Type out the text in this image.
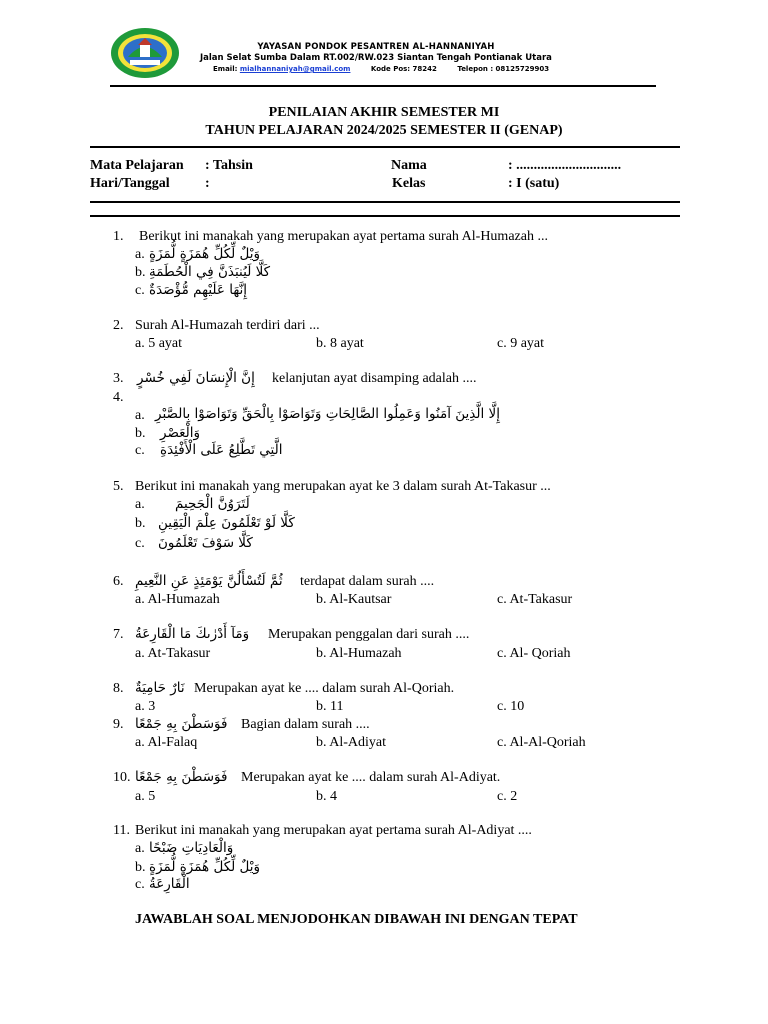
YAYASAN PONDOK PESANTREN AL-HANNANIYAH
Jalan Selat Sumba Dalam RT.002/RW.023 Siantan Tengah Pontianak Utara
Email: mialhannaniyah@gmail.com	Kode Pos: 78242	Telepon : 08125729903
PENILAIAN AKHIR SEMESTER MI
TAHUN PELAJARAN 2024/2025 SEMESTER II (GENAP)
Mata Pelajaran : Tahsin	Nama	: ..............................
Hari/Tanggal	:	Kelas	: I (satu)
1. Berikut ini manakah yang merupakan ayat pertama surah Al-Humazah ...
a. وَيْلٌ لِّكُلِّ هُمَزَةٍ لُّمَزَةٍ
b. كَلَّا لَيُنبَذَنَّ فِي الْحُطَمَةِ
c. إِنَّهَا عَلَيْهِم مُّؤْصَدَةٌ
2. Surah Al-Humazah terdiri dari ...
a. 5 ayat	b. 8 ayat	c. 9 ayat
3. إِنَّ الْإِنسَانَ لَفِي خُسْرٍ kelanjutan ayat disamping adalah ....
4.
a. إِلَّا الَّذِينَ آمَنُوا وَعَمِلُوا الصَّالِحَاتِ وَتَوَاصَوْا بِالْحَقِّ وَتَوَاصَوْا بِالصَّبْرِ
b. وَالْعَصْرِ
c. الَّتِي تَطَّلِعُ عَلَى الْأَفْئِدَةِ
5. Berikut ini manakah yang merupakan ayat ke 3 dalam surah At-Takasur ...
a. لَتَرَوُنَّ الْجَحِيمَ
b. كَلَّا لَوْ تَعْلَمُونَ عِلْمَ الْيَقِينِ
c. كَلَّا سَوْفَ تَعْلَمُونَ
6. ثُمَّ لَتُسْأَلُنَّ يَوْمَئِذٍ عَنِ النَّعِيمِ terdapat dalam surah ....
a. Al-Humazah	b. Al-Kautsar	c. At-Takasur
7. وَمَآ أَدْرٰىكَ مَا الْقَارِعَةُ Merupakan penggalan dari surah ....
a. At-Takasur	b. Al-Humazah	c. Al- Qoriah
8. نَارٌ حَامِيَةٌ Merupakan ayat ke .... dalam surah Al-Qoriah.
a. 3	b. 11	c. 10
9. فَوَسَطْنَ بِهِ جَمْعًا Bagian dalam surah ....
a. Al-Falaq	b. Al-Adiyat	c. Al-Al-Qoriah
10. فَوَسَطْنَ بِهِ جَمْعًا Merupakan ayat ke .... dalam surah Al-Adiyat.
a. 5	b. 4	c. 2
11. Berikut ini manakah yang merupakan ayat pertama surah Al-Adiyat ....
a. وَالْعَادِيَاتِ ضَبْحًا
b. وَيْلٌ لِّكُلِّ هُمَزَةٍ لُّمَزَةٍ
c. الْقَارِعَةُ
JAWABLAH SOAL MENJODOHKAN DIBAWAH INI DENGAN TEPAT
